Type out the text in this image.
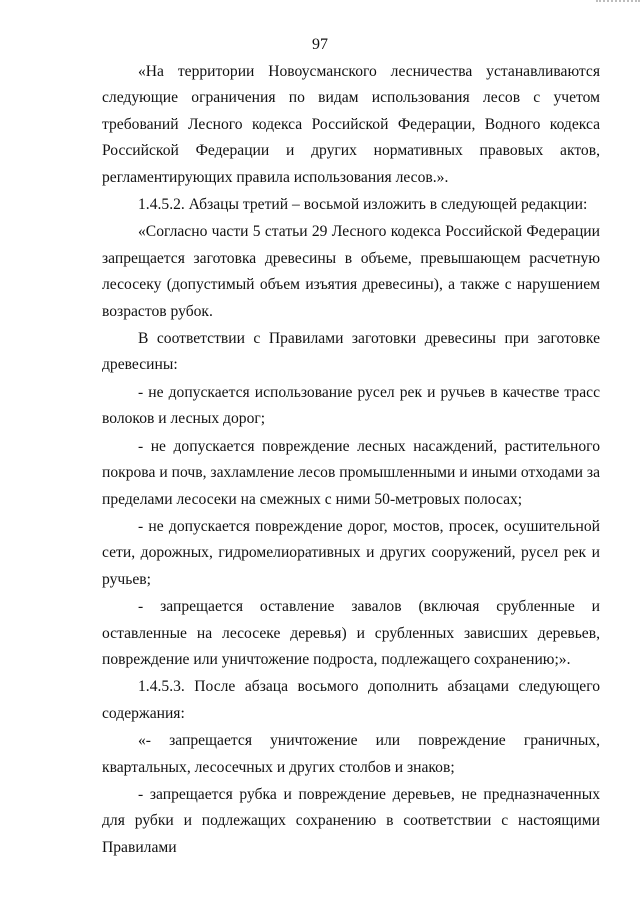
97

«На территории Новоусманского лесничества устанавливаются следующие ограничения по видам использования лесов с учетом требований Лесного кодекса Российской Федерации, Водного кодекса Российской Федерации и других нормативных правовых актов, регламентирующих правила использования лесов.».

1.4.5.2. Абзацы третий – восьмой изложить в следующей редакции:

«Согласно части 5 статьи 29 Лесного кодекса Российской Федерации запрещается заготовка древесины в объеме, превышающем расчетную лесосеку (допустимый объем изъятия древесины), а также с нарушением возрастов рубок.

В соответствии с Правилами заготовки древесины при заготовке древесины:

- не допускается использование русел рек и ручьев в качестве трасс волоков и лесных дорог;

- не допускается повреждение лесных насаждений, растительного покрова и почв, захламление лесов промышленными и иными отходами за пределами лесосеки на смежных с ними 50-метровых полосах;

- не допускается повреждение дорог, мостов, просек, осушительной сети, дорожных, гидромелиоративных и других сооружений, русел рек и ручьев;

- запрещается оставление завалов (включая срубленные и оставленные на лесосеке деревья) и срубленных зависших деревьев, повреждение или уничтожение подроста, подлежащего сохранению;».

1.4.5.3. После абзаца восьмого дополнить абзацами следующего содержания:

«- запрещается уничтожение или повреждение граничных, квартальных, лесосечных и других столбов и знаков;

- запрещается рубка и повреждение деревьев, не предназначенных для рубки и подлежащих сохранению в соответствии с настоящими Правилами
